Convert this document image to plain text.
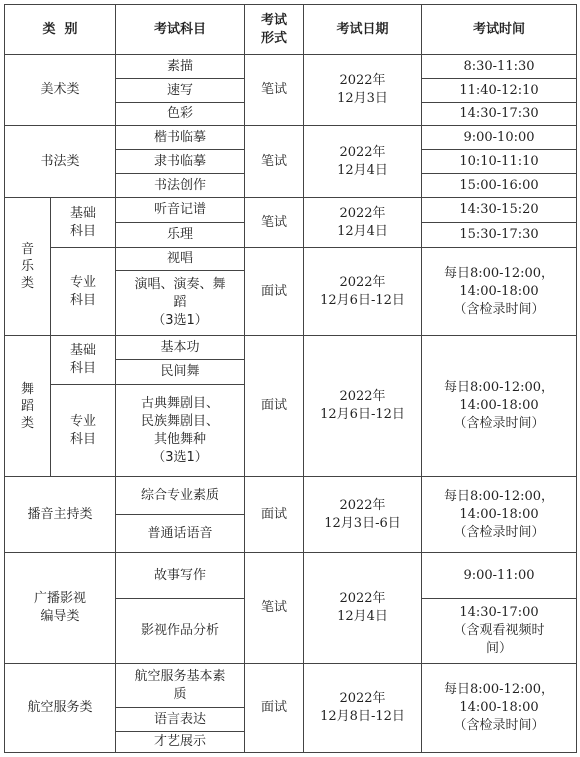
类  别	考试科目
考试
形式
考试日期	考试时间
美术类
素描
速写
色彩
笔试
2022年
12月3日
8:30-11:30
11:40-12:10
14:30-17:30
书法类
楷书临摹
隶书临摹
书法创作
笔试
2022年
12月4日
9:00-10:00
10:10-11:10
15:00-16:00
音
乐
类
基础
科目
听音记谱
乐理
笔试
2022年
12月4日
14:30-15:20
15:30-17:30
专业
科目
视唱
演唱、演奏、舞
蹈
（3选1）
面试
2022年
12月6日-12日
每日8:00-12:00，
14:00-18:00
（含检录时间）
舞
蹈
类
基础
科目
基本功
民间舞
专业
科目
古典舞剧目、
民族舞剧目、
其他舞种
（3选1）
面试
2022年
12月6日-12日
每日8:00-12:00，
14:00-18:00
（含检录时间）
播音主持类
综合专业素质
普通话语音
面试
2022年
12月3日-6日
每日8:00-12:00，
14:00-18:00
（含检录时间）
广播影视
编导类
故事写作
影视作品分析
笔试
2022年
12月4日
9:00-11:00
14:30-17:00
（含观看视频时
间）
航空服务类
航空服务基本素
质
语言表达
才艺展示
面试
2022年
12月8日-12日
每日8:00-12:00，
14:00-18:00
（含检录时间）
